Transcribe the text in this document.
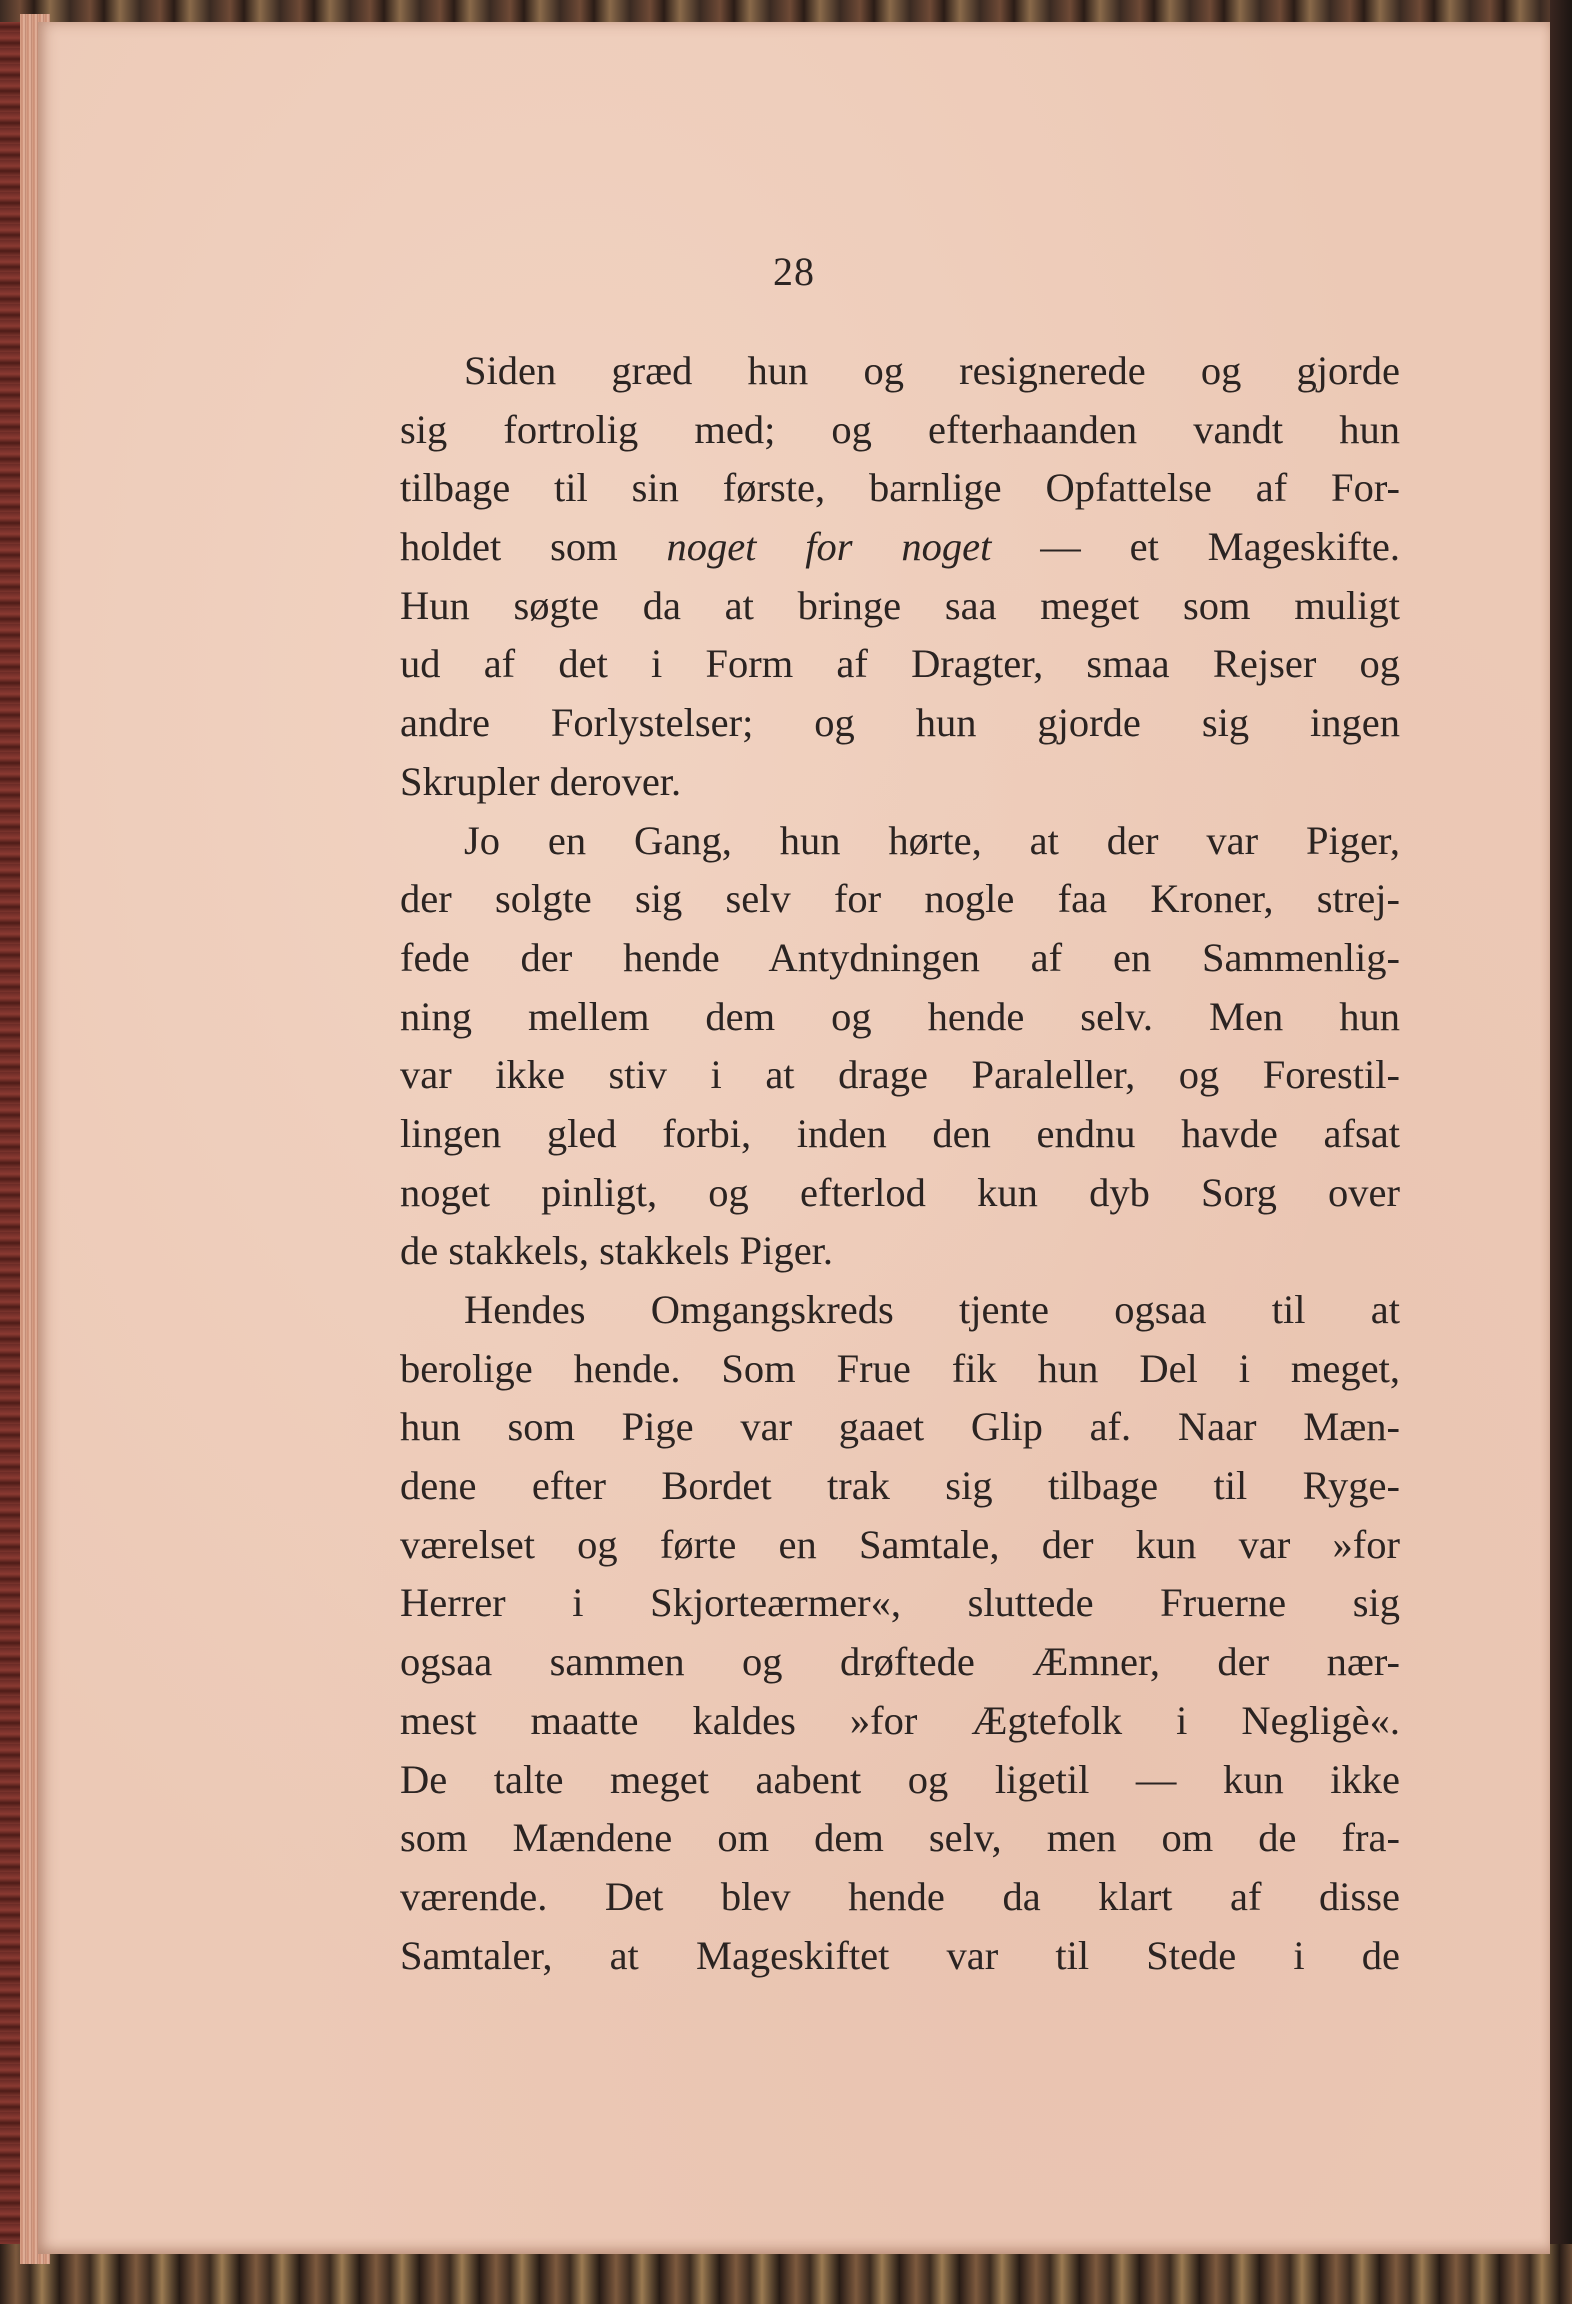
28
Siden græd hun og resignerede og gjorde
sig fortrolig med; og efterhaanden vandt hun
tilbage til sin første, barnlige Opfattelse af For-
holdet som noget for noget — et Mageskifte.
Hun søgte da at bringe saa meget som muligt
ud af det i Form af Dragter, smaa Rejser og
andre Forlystelser; og hun gjorde sig ingen
Skrupler derover.
Jo en Gang, hun hørte, at der var Piger,
der solgte sig selv for nogle faa Kroner, strej-
fede der hende Antydningen af en Sammenlig-
ning mellem dem og hende selv. Men hun
var ikke stiv i at drage Paraleller, og Forestil-
lingen gled forbi, inden den endnu havde afsat
noget pinligt, og efterlod kun dyb Sorg over
de stakkels, stakkels Piger.
Hendes Omgangskreds tjente ogsaa til at
berolige hende. Som Frue fik hun Del i meget,
hun som Pige var gaaet Glip af. Naar Mæn-
dene efter Bordet trak sig tilbage til Ryge-
værelset og førte en Samtale, der kun var »for
Herrer i Skjorteærmer«, sluttede Fruerne sig
ogsaa sammen og drøftede Æmner, der nær-
mest maatte kaldes »for Ægtefolk i Negligè«.
De talte meget aabent og ligetil — kun ikke
som Mændene om dem selv, men om de fra-
værende. Det blev hende da klart af disse
Samtaler, at Mageskiftet var til Stede i de
